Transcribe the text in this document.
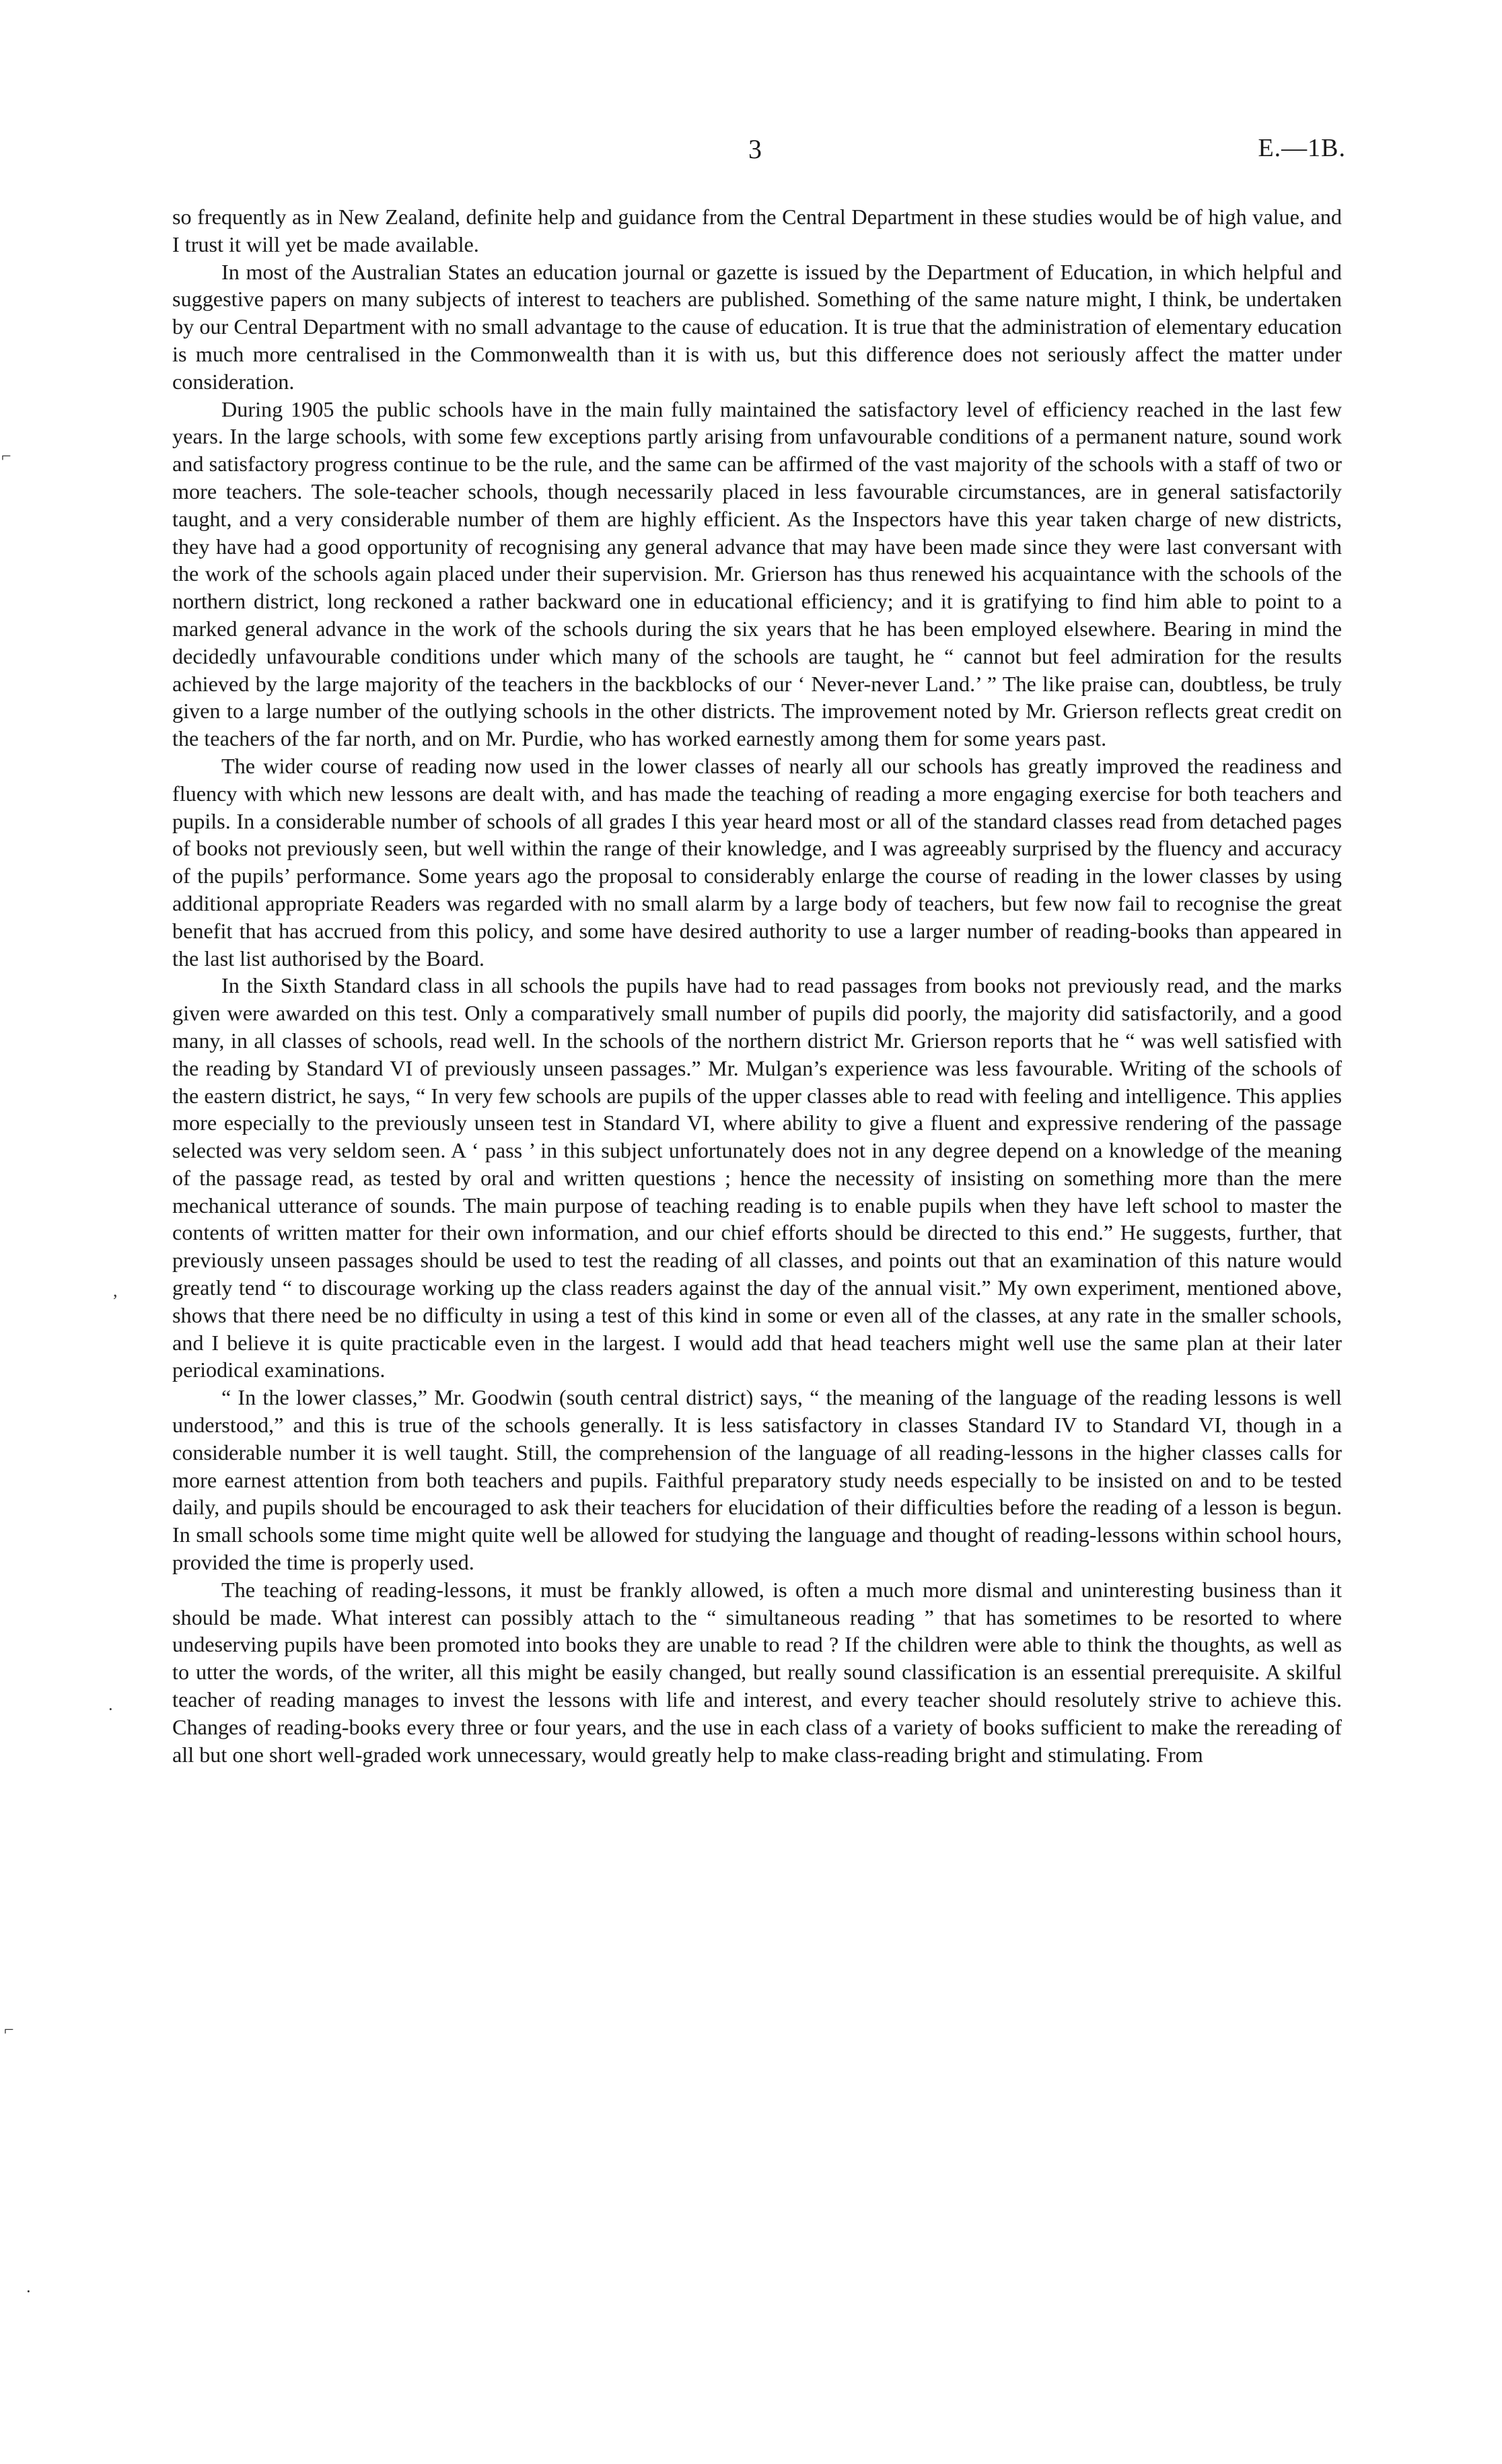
3	E.—1B.

so frequently as in New Zealand, definite help and guidance from the Central Department in these studies would be of high value, and I trust it will yet be made available.

In most of the Australian States an education journal or gazette is issued by the Department of Education, in which helpful and suggestive papers on many subjects of interest to teachers are published. Something of the same nature might, I think, be undertaken by our Central Department with no small advantage to the cause of education. It is true that the administration of elementary education is much more centralised in the Commonwealth than it is with us, but this difference does not seriously affect the matter under consideration.

During 1905 the public schools have in the main fully maintained the satisfactory level of efficiency reached in the last few years. In the large schools, with some few exceptions partly arising from unfavourable conditions of a permanent nature, sound work and satisfactory progress continue to be the rule, and the same can be affirmed of the vast majority of the schools with a staff of two or more teachers. The sole-teacher schools, though necessarily placed in less favourable circumstances, are in general satisfactorily taught, and a very considerable number of them are highly efficient. As the Inspectors have this year taken charge of new districts, they have had a good opportunity of recognising any general advance that may have been made since they were last conversant with the work of the schools again placed under their supervision. Mr. Grierson has thus renewed his acquaintance with the schools of the northern district, long reckoned a rather backward one in educational efficiency; and it is gratifying to find him able to point to a marked general advance in the work of the schools during the six years that he has been employed elsewhere. Bearing in mind the decidedly unfavourable conditions under which many of the schools are taught, he “ cannot but feel admiration for the results achieved by the large majority of the teachers in the backblocks of our ‘ Never-never Land.’ ” The like praise can, doubtless, be truly given to a large number of the outlying schools in the other districts. The improvement noted by Mr. Grierson reflects great credit on the teachers of the far north, and on Mr. Purdie, who has worked earnestly among them for some years past.

The wider course of reading now used in the lower classes of nearly all our schools has greatly improved the readiness and fluency with which new lessons are dealt with, and has made the teaching of reading a more engaging exercise for both teachers and pupils. In a considerable number of schools of all grades I this year heard most or all of the standard classes read from detached pages of books not previously seen, but well within the range of their knowledge, and I was agreeably surprised by the fluency and accuracy of the pupils’ performance. Some years ago the proposal to considerably enlarge the course of reading in the lower classes by using additional appropriate Readers was regarded with no small alarm by a large body of teachers, but few now fail to recognise the great benefit that has accrued from this policy, and some have desired authority to use a larger number of reading-books than appeared in the last list authorised by the Board.

In the Sixth Standard class in all schools the pupils have had to read passages from books not previously read, and the marks given were awarded on this test. Only a comparatively small number of pupils did poorly, the majority did satisfactorily, and a good many, in all classes of schools, read well. In the schools of the northern district Mr. Grierson reports that he “ was well satisfied with the reading by Standard VI of previously unseen passages.” Mr. Mulgan’s experience was less favourable. Writing of the schools of the eastern district, he says, “ In very few schools are pupils of the upper classes able to read with feeling and intelligence. This applies more especially to the previously unseen test in Standard VI, where ability to give a fluent and expressive rendering of the passage selected was very seldom seen. A ‘ pass ’ in this subject unfortunately does not in any degree depend on a knowledge of the meaning of the passage read, as tested by oral and written questions ; hence the necessity of insisting on something more than the mere mechanical utterance of sounds. The main purpose of teaching reading is to enable pupils when they have left school to master the contents of written matter for their own information, and our chief efforts should be directed to this end.” He suggests, further, that previously unseen passages should be used to test the reading of all classes, and points out that an examination of this nature would greatly tend “ to discourage working up the class readers against the day of the annual visit.” My own experiment, mentioned above, shows that there need be no difficulty in using a test of this kind in some or even all of the classes, at any rate in the smaller schools, and I believe it is quite practicable even in the largest. I would add that head teachers might well use the same plan at their later periodical examinations.

“ In the lower classes,” Mr. Goodwin (south central district) says, “ the meaning of the language of the reading lessons is well understood,” and this is true of the schools generally. It is less satisfactory in classes Standard IV to Standard VI, though in a considerable number it is well taught. Still, the comprehension of the language of all reading-lessons in the higher classes calls for more earnest attention from both teachers and pupils. Faithful preparatory study needs especially to be insisted on and to be tested daily, and pupils should be encouraged to ask their teachers for elucidation of their difficulties before the reading of a lesson is begun. In small schools some time might quite well be allowed for studying the language and thought of reading-lessons within school hours, provided the time is properly used.

The teaching of reading-lessons, it must be frankly allowed, is often a much more dismal and uninteresting business than it should be made. What interest can possibly attach to the “ simultaneous reading ” that has sometimes to be resorted to where undeserving pupils have been promoted into books they are unable to read ? If the children were able to think the thoughts, as well as to utter the words, of the writer, all this might be easily changed, but really sound classification is an essential prerequisite. A skilful teacher of reading manages to invest the lessons with life and interest, and every teacher should resolutely strive to achieve this. Changes of reading-books every three or four years, and the use in each class of a variety of books sufficient to make the rereading of all but one short well-graded work unnecessary, would greatly help to make class-reading bright and stimulating. From

⌐
,
·
⌐
·
